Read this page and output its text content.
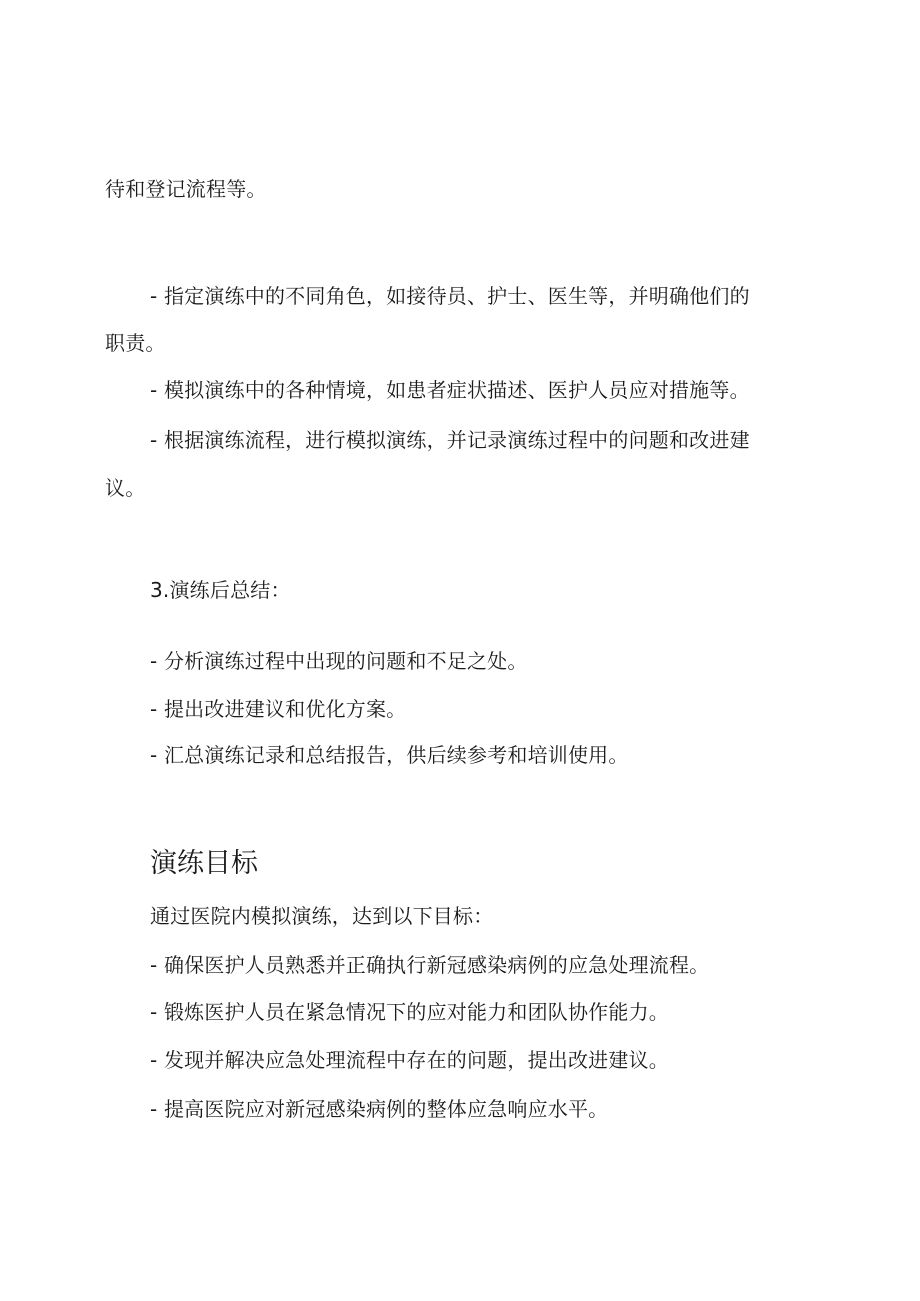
待和登记流程等。
- 指定演练中的不同角色，如接待员、护士、医生等，并明确他们的
职责。
- 模拟演练中的各种情境，如患者症状描述、医护人员应对措施等。
- 根据演练流程，进行模拟演练，并记录演练过程中的问题和改进建
议。
3.演练后总结：
- 分析演练过程中出现的问题和不足之处。
- 提出改进建议和优化方案。
- 汇总演练记录和总结报告，供后续参考和培训使用。
演练目标
通过医院内模拟演练，达到以下目标：
- 确保医护人员熟悉并正确执行新冠感染病例的应急处理流程。
- 锻炼医护人员在紧急情况下的应对能力和团队协作能力。
- 发现并解决应急处理流程中存在的问题，提出改进建议。
- 提高医院应对新冠感染病例的整体应急响应水平。
